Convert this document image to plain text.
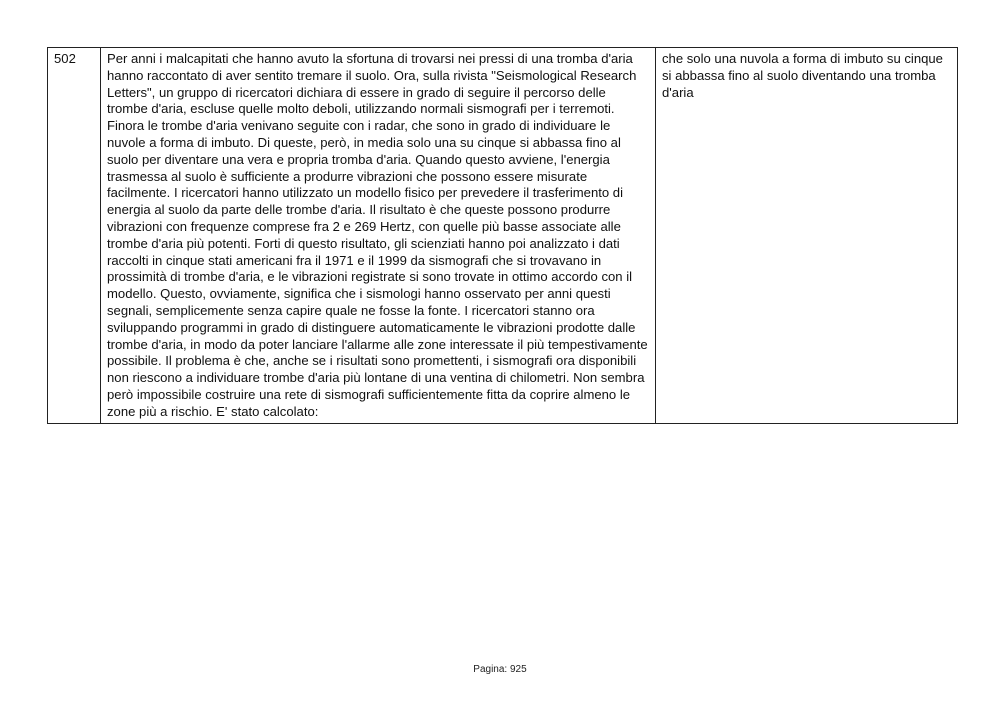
502	Per anni i malcapitati che hanno avuto la sfortuna di trovarsi nei pressi di una tromba d'aria hanno raccontato di aver sentito tremare il suolo. Ora, sulla rivista "Seismological Research Letters", un gruppo di ricercatori dichiara di essere in grado di seguire il percorso delle trombe d'aria, escluse quelle molto deboli, utilizzando normali sismografi per i terremoti. Finora le trombe d'aria venivano seguite con i radar, che sono in grado di individuare le nuvole a forma di imbuto. Di queste, però, in media solo una su cinque si abbassa fino al suolo per diventare una vera e propria tromba d'aria. Quando questo avviene, l'energia trasmessa al suolo è sufficiente a produrre vibrazioni che possono essere misurate facilmente. I ricercatori hanno utilizzato un modello fisico per prevedere il trasferimento di energia al suolo da parte delle trombe d'aria. Il risultato è che queste possono produrre vibrazioni con frequenze comprese fra 2 e 269 Hertz, con quelle più basse associate alle trombe d'aria più potenti. Forti di questo risultato, gli scienziati hanno poi analizzato i dati raccolti in cinque stati americani fra il 1971 e il 1999 da sismografi che si trovavano in prossimità di trombe d'aria, e le vibrazioni registrate si sono trovate in ottimo accordo con il modello. Questo, ovviamente, significa che i sismologi hanno osservato per anni questi segnali, semplicemente senza capire quale ne fosse la fonte. I ricercatori stanno ora sviluppando programmi in grado di distinguere automaticamente le vibrazioni prodotte dalle trombe d'aria, in modo da poter lanciare l'allarme alle zone interessate il più tempestivamente possibile. Il problema è che, anche se i risultati sono promettenti, i sismografi ora disponibili non riescono a individuare trombe d'aria più lontane di una ventina di chilometri. Non sembra però impossibile costruire una rete di sismografi sufficientemente fitta da coprire almeno le zone più a rischio. E' stato calcolato:	che solo una nuvola a forma di imbuto su cinque si abbassa fino al suolo diventando una tromba d'aria
Pagina: 925
